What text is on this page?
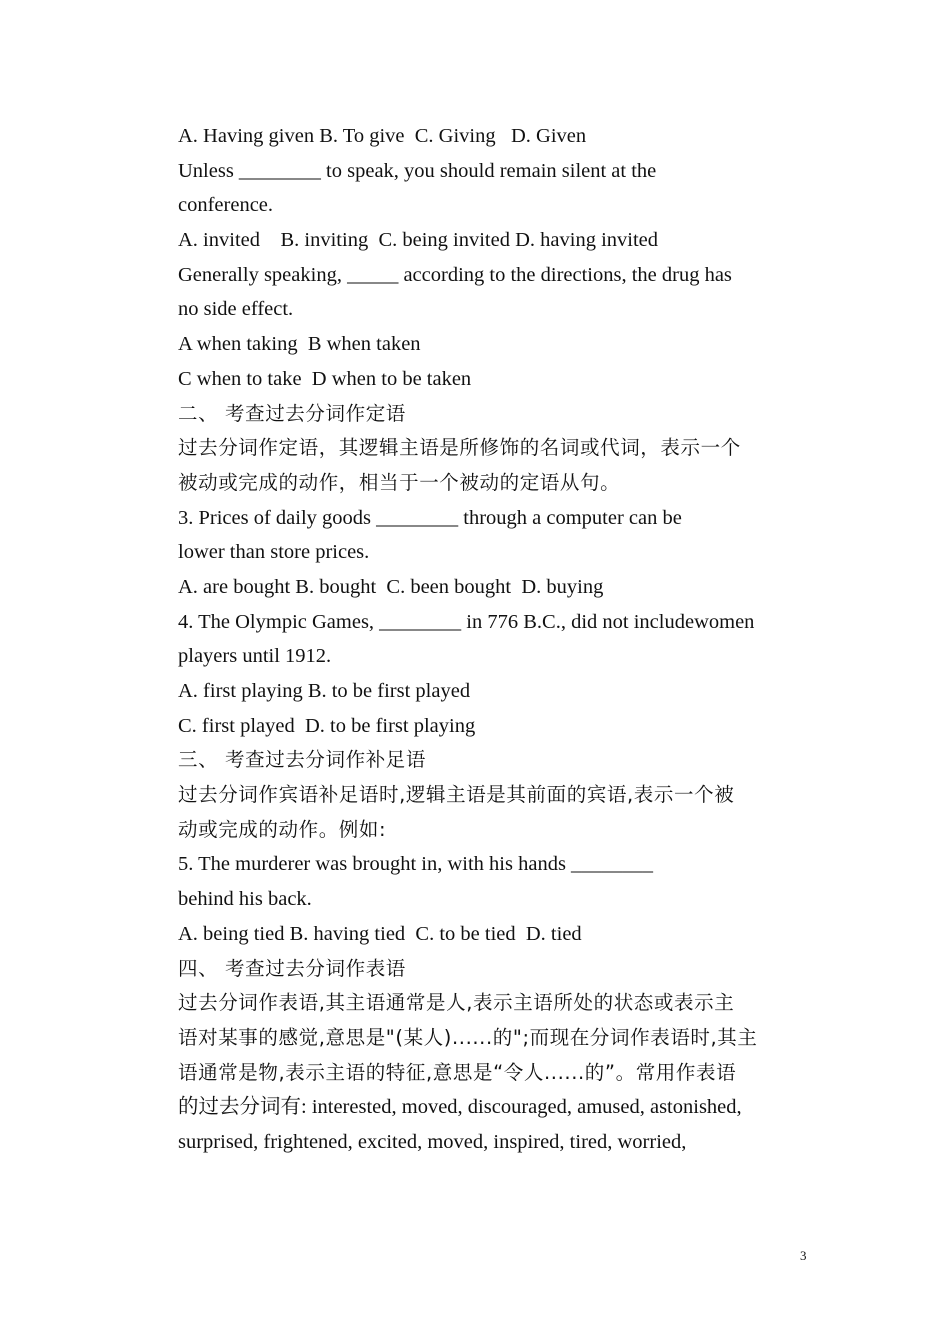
A. Having given B. To give  C. Giving   D. Given
Unless ________ to speak, you should remain silent at the
conference.
A. invited    B. inviting  C. being invited D. having invited
Generally speaking, _____ according to the directions, the drug has
no side effect.
A when taking  B when taken
C when to take  D when to be taken
二、 考查过去分词作定语
过去分词作定语，其逻辑主语是所修饰的名词或代词，表示一个
被动或完成的动作，相当于一个被动的定语从句。
3. Prices of daily goods ________ through a computer can be
lower than store prices.
A. are bought B. bought  C. been bought  D. buying
4. The Olympic Games, ________ in 776 B.C., did not includewomen
players until 1912.
A. first playing B. to be first played
C. first played  D. to be first playing
三、 考查过去分词作补足语
过去分词作宾语补足语时,逻辑主语是其前面的宾语,表示一个被
动或完成的动作。例如:
5. The murderer was brought in, with his hands ________
behind his back.
A. being tied B. having tied  C. to be tied  D. tied
四、 考查过去分词作表语
过去分词作表语,其主语通常是人,表示主语所处的状态或表示主
语对某事的感觉,意思是"(某人)......的";而现在分词作表语时,其主
语通常是物,表示主语的特征,意思是“令人......的”。常用作表语
的过去分词有: interested, moved, discouraged, amused, astonished,
surprised, frightened, excited, moved, inspired, tired, worried,
3
